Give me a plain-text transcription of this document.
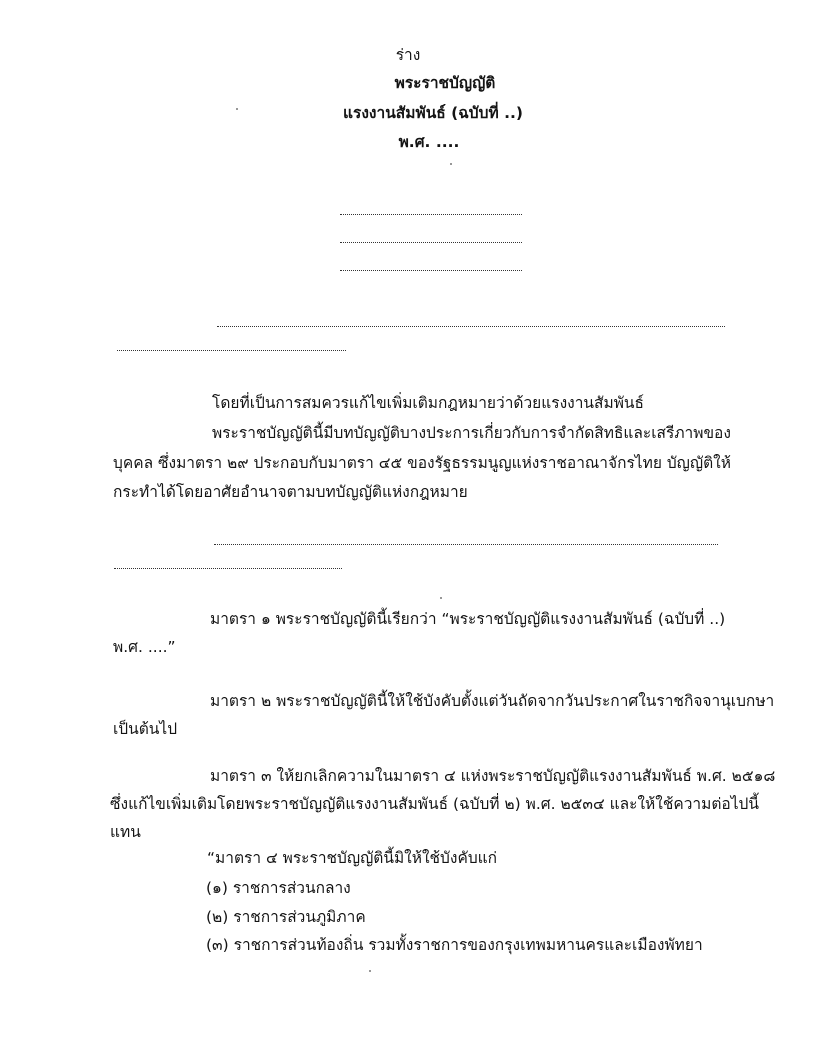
ร่าง
พระราชบัญญัติ
แรงงานสัมพันธ์ (ฉบับที่ ..)
พ.ศ. ....
โดยที่เป็นการสมควรแก้ไขเพิ่มเติมกฎหมายว่าด้วยแรงงานสัมพันธ์
พระราชบัญญัตินี้มีบทบัญญัติบางประการเกี่ยวกับการจำกัดสิทธิและเสรีภาพของ
บุคคล ซึ่งมาตรา ๒๙ ประกอบกับมาตรา ๔๕ ของรัฐธรรมนูญแห่งราชอาณาจักรไทย บัญญัติให้
กระทำได้โดยอาศัยอำนาจตามบทบัญญัติแห่งกฎหมาย
มาตรา ๑ พระราชบัญญัตินี้เรียกว่า “พระราชบัญญัติแรงงานสัมพันธ์ (ฉบับที่ ..)
พ.ศ. ....”
มาตรา ๒ พระราชบัญญัตินี้ให้ใช้บังคับตั้งแต่วันถัดจากวันประกาศในราชกิจจานุเบกษา
เป็นต้นไป
มาตรา ๓ ให้ยกเลิกความในมาตรา ๔ แห่งพระราชบัญญัติแรงงานสัมพันธ์ พ.ศ. ๒๕๑๘
ซึ่งแก้ไขเพิ่มเติมโดยพระราชบัญญัติแรงงานสัมพันธ์ (ฉบับที่ ๒) พ.ศ. ๒๕๓๔ และให้ใช้ความต่อไปนี้
แทน
“มาตรา ๔ พระราชบัญญัตินี้มิให้ใช้บังคับแก่
(๑) ราชการส่วนกลาง
(๒) ราชการส่วนภูมิภาค
(๓) ราชการส่วนท้องถิ่น รวมทั้งราชการของกรุงเทพมหานครและเมืองพัทยา
